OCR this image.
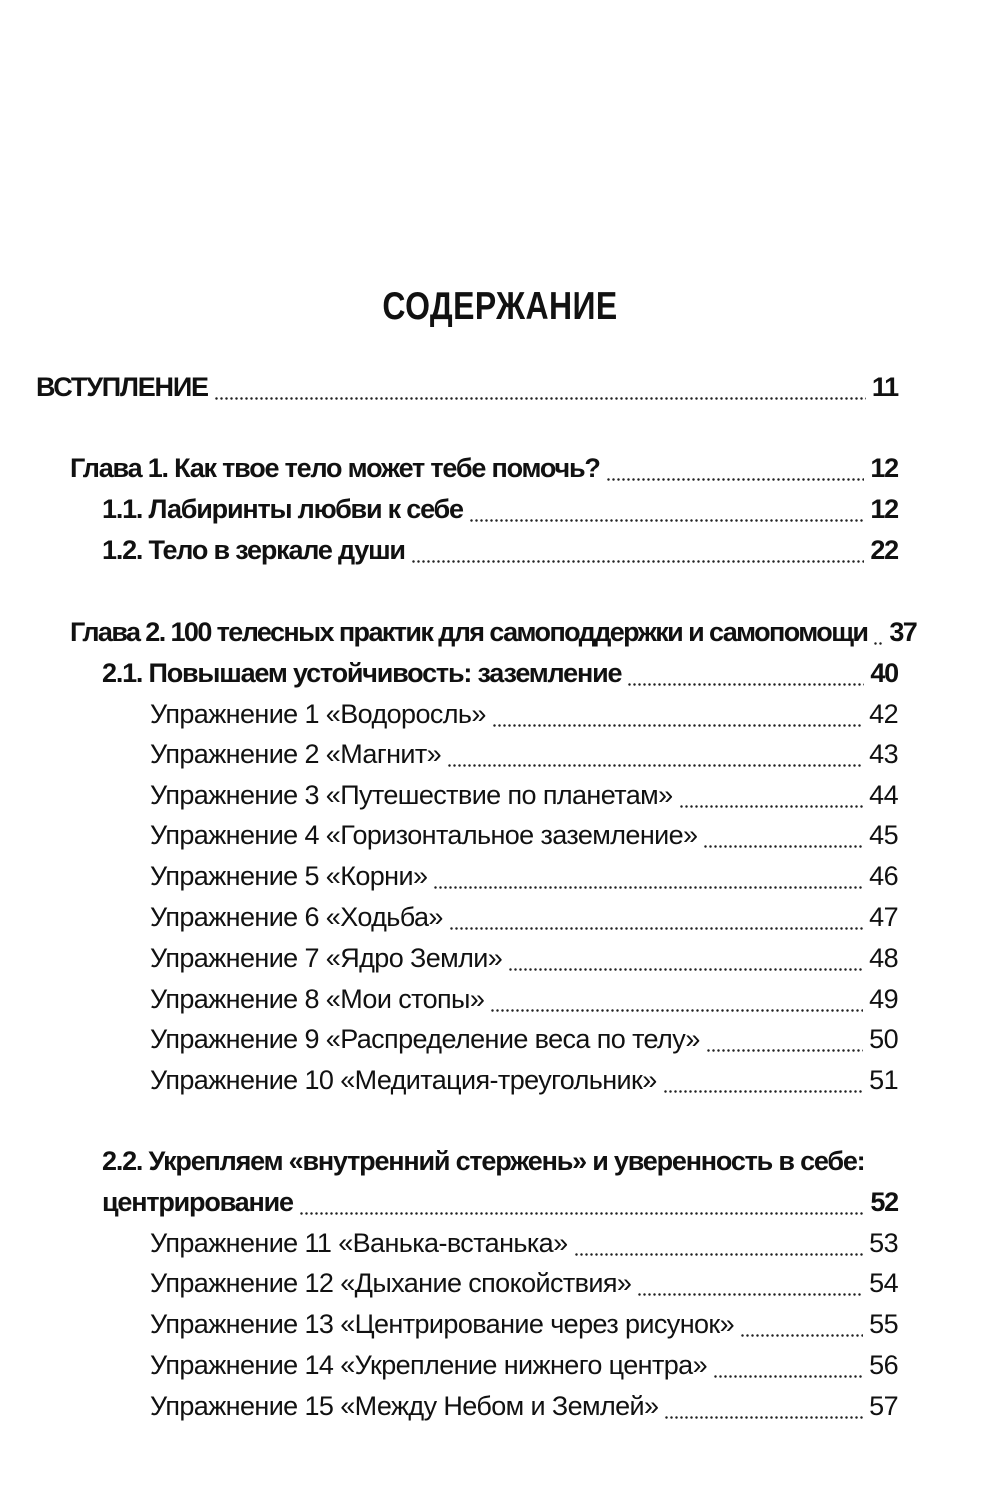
СОДЕРЖАНИЕ
ВСТУПЛЕНИЕ	11
Глава 1. Как твое тело может тебе помочь?	12
1.1. Лабиринты любви к себе	12
1.2. Тело в зеркале души	22
Глава 2. 100 телесных практик для самоподдержки и самопомощи 37
2.1. Повышаем устойчивость: заземление	40
Упражнение 1 «Водоросль»	42
Упражнение 2 «Магнит»	43
Упражнение 3 «Путешествие по планетам»	44
Упражнение 4 «Горизонтальное заземление»	45
Упражнение 5 «Корни»	46
Упражнение 6 «Ходьба»	47
Упражнение 7 «Ядро Земли»	48
Упражнение 8 «Мои стопы»	49
Упражнение 9 «Распределение веса по телу»	50
Упражнение 10 «Медитация-треугольник»	51
2.2. Укрепляем «внутренний стержень» и уверенность в себе:
центрирование	52
Упражнение 11 «Ванька-встанька»	53
Упражнение 12 «Дыхание спокойствия»	54
Упражнение 13 «Центрирование через рисунок»	55
Упражнение 14 «Укрепление нижнего центра»	56
Упражнение 15 «Между Небом и Землей»	57
